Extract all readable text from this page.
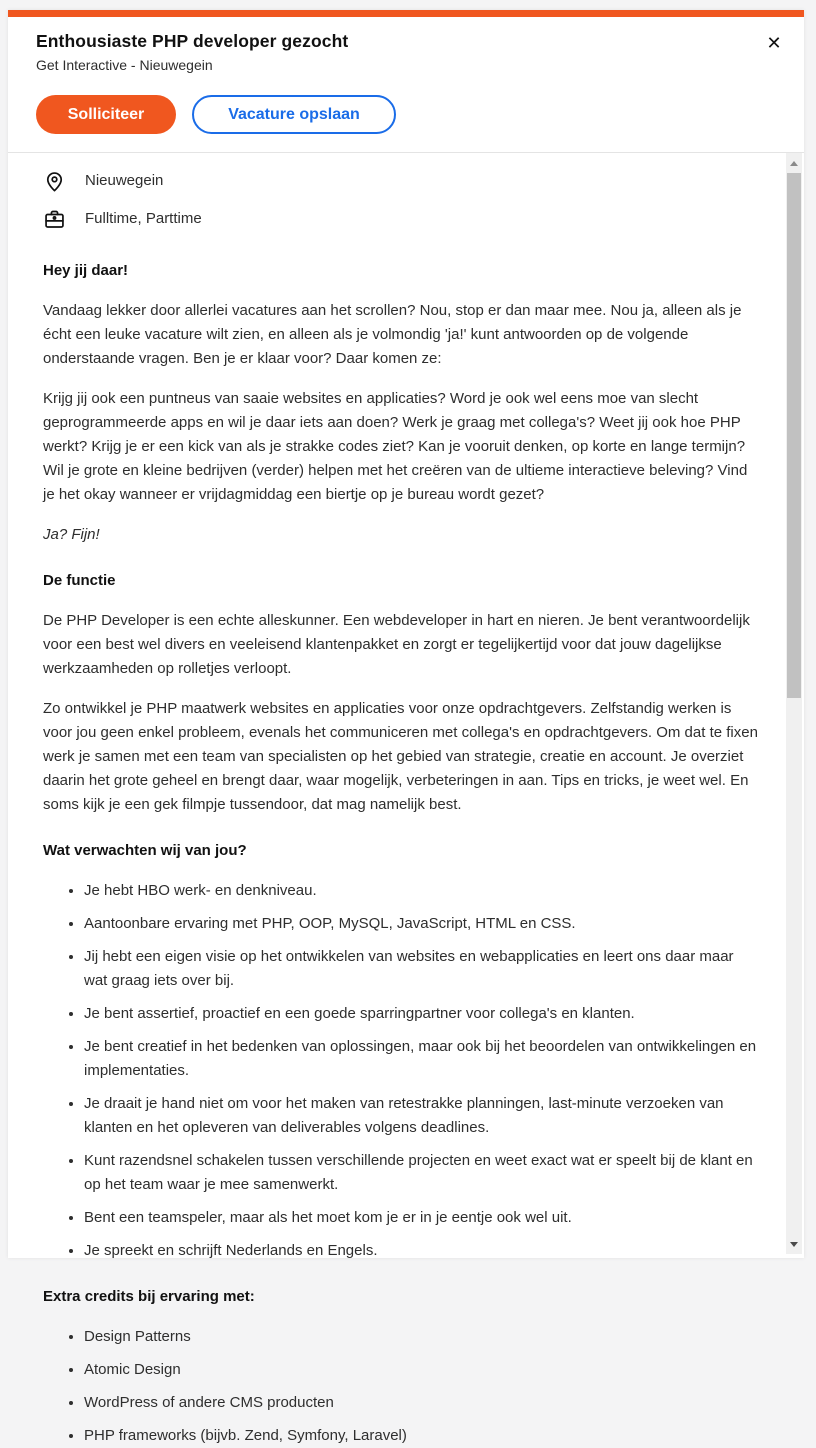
Enthousiaste PHP developer gezocht
Get Interactive - Nieuwegein
✕
Solliciteer	Vacature opslaan
Nieuwegein
Fulltime, Parttime
Hey jij daar!

Vandaag lekker door allerlei vacatures aan het scrollen? Nou, stop er dan maar mee. Nou ja, alleen als je écht een leuke vacature wilt zien, en alleen als je volmondig 'ja!' kunt antwoorden op de volgende onderstaande vragen. Ben je er klaar voor? Daar komen ze:

Krijg jij ook een puntneus van saaie websites en applicaties? Word je ook wel eens moe van slecht geprogrammeerde apps en wil je daar iets aan doen? Werk je graag met collega's? Weet jij ook hoe PHP werkt? Krijg je er een kick van als je strakke codes ziet? Kan je vooruit denken, op korte en lange termijn? Wil je grote en kleine bedrijven (verder) helpen met het creëren van de ultieme interactieve beleving? Vind je het okay wanneer er vrijdagmiddag een biertje op je bureau wordt gezet?

Ja? Fijn!

De functie

De PHP Developer is een echte alleskunner. Een webdeveloper in hart en nieren. Je bent verantwoordelijk voor een best wel divers en veeleisend klantenpakket en zorgt er tegelijkertijd voor dat jouw dagelijkse werkzaamheden op rolletjes verloopt.

Zo ontwikkel je PHP maatwerk websites en applicaties voor onze opdrachtgevers. Zelfstandig werken is voor jou geen enkel probleem, evenals het communiceren met collega's en opdrachtgevers. Om dat te fixen werk je samen met een team van specialisten op het gebied van strategie, creatie en account. Je overziet daarin het grote geheel en brengt daar, waar mogelijk, verbeteringen in aan. Tips en tricks, je weet wel. En soms kijk je een gek filmpje tussendoor, dat mag namelijk best.

Wat verwachten wij van jou?
• Je hebt HBO werk- en denkniveau.
• Aantoonbare ervaring met PHP, OOP, MySQL, JavaScript, HTML en CSS.
• Jij hebt een eigen visie op het ontwikkelen van websites en webapplicaties en leert ons daar maar wat graag iets over bij.
• Je bent assertief, proactief en een goede sparringpartner voor collega's en klanten.
• Je bent creatief in het bedenken van oplossingen, maar ook bij het beoordelen van ontwikkelingen en implementaties.
• Je draait je hand niet om voor het maken van retestrakke planningen, last-minute verzoeken van klanten en het opleveren van deliverables volgens deadlines.
• Kunt razendsnel schakelen tussen verschillende projecten en weet exact wat er speelt bij de klant en op het team waar je mee samenwerkt.
• Bent een teamspeler, maar als het moet kom je er in je eentje ook wel uit.
• Je spreekt en schrijft Nederlands en Engels.
Extra credits bij ervaring met:
• Design Patterns
• Atomic Design
• WordPress of andere CMS producten
• PHP frameworks (bijvb. Zend, Symfony, Laravel)
